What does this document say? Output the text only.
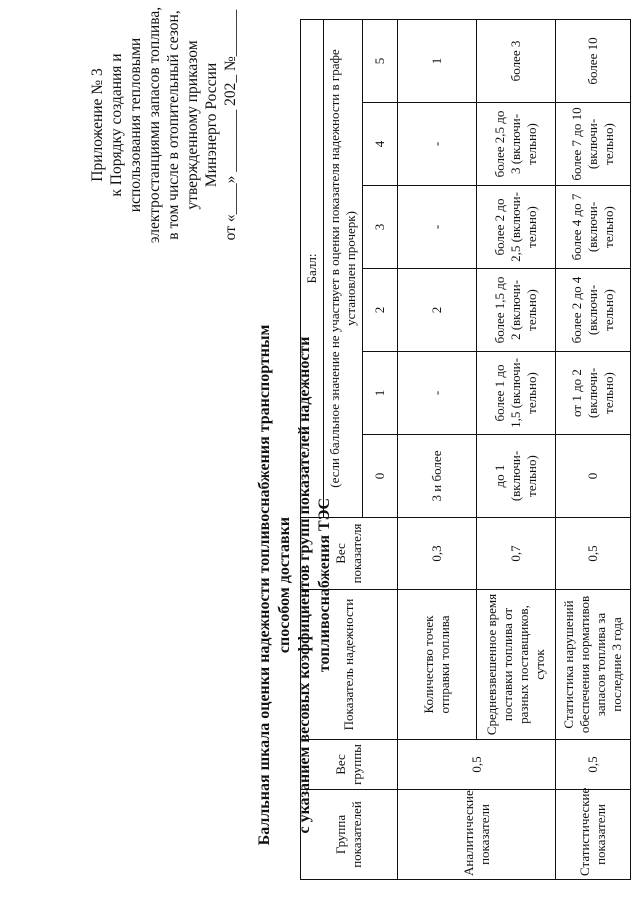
Приложение № 3 к Порядку создания и использования тепловыми электростанциями запасов топлива, в том числе в отопительный сезон, утвержденному приказом Минэнерго России от «____» ________ 202_ №______
Балльная шкала оценки надежности топливоснабжения транспортным способом доставки с указанием весовых коэффициентов групп показателей надежности топливоснабжения ТЭС
Группа показателей	Вес группы	Показатель надежности	Вес показателя	Балл:					
				(если балльное значение не участвует в оценки показателя надежности в графе установлен прочерк)					
				0	1	2	3	4	5
Аналитические показатели	0,5	Количество точек отправки топлива	0,3	3 и более	-	2	-	-	1
		Средневзвешенное время поставки топлива от разных поставщиков, суток	0,7	до 1 (включи-тельно)	более 1 до 1,5 (включи-тельно)	более 1,5 до 2 (включи-тельно)	более 2 до 2,5 (включи-тельно)	более 2,5 до 3 (включи-тельно)	более 3
Статистические показатели	0,5	Статистика нарушений обеспечения нормативов запасов топлива за последние 3 года	0,5	0	от 1 до 2 (включи-тельно)	более 2 до 4 (включи-тельно)	более 4 до 7 (включи-тельно)	более 7 до 10 (включи-тельно)	более 10
